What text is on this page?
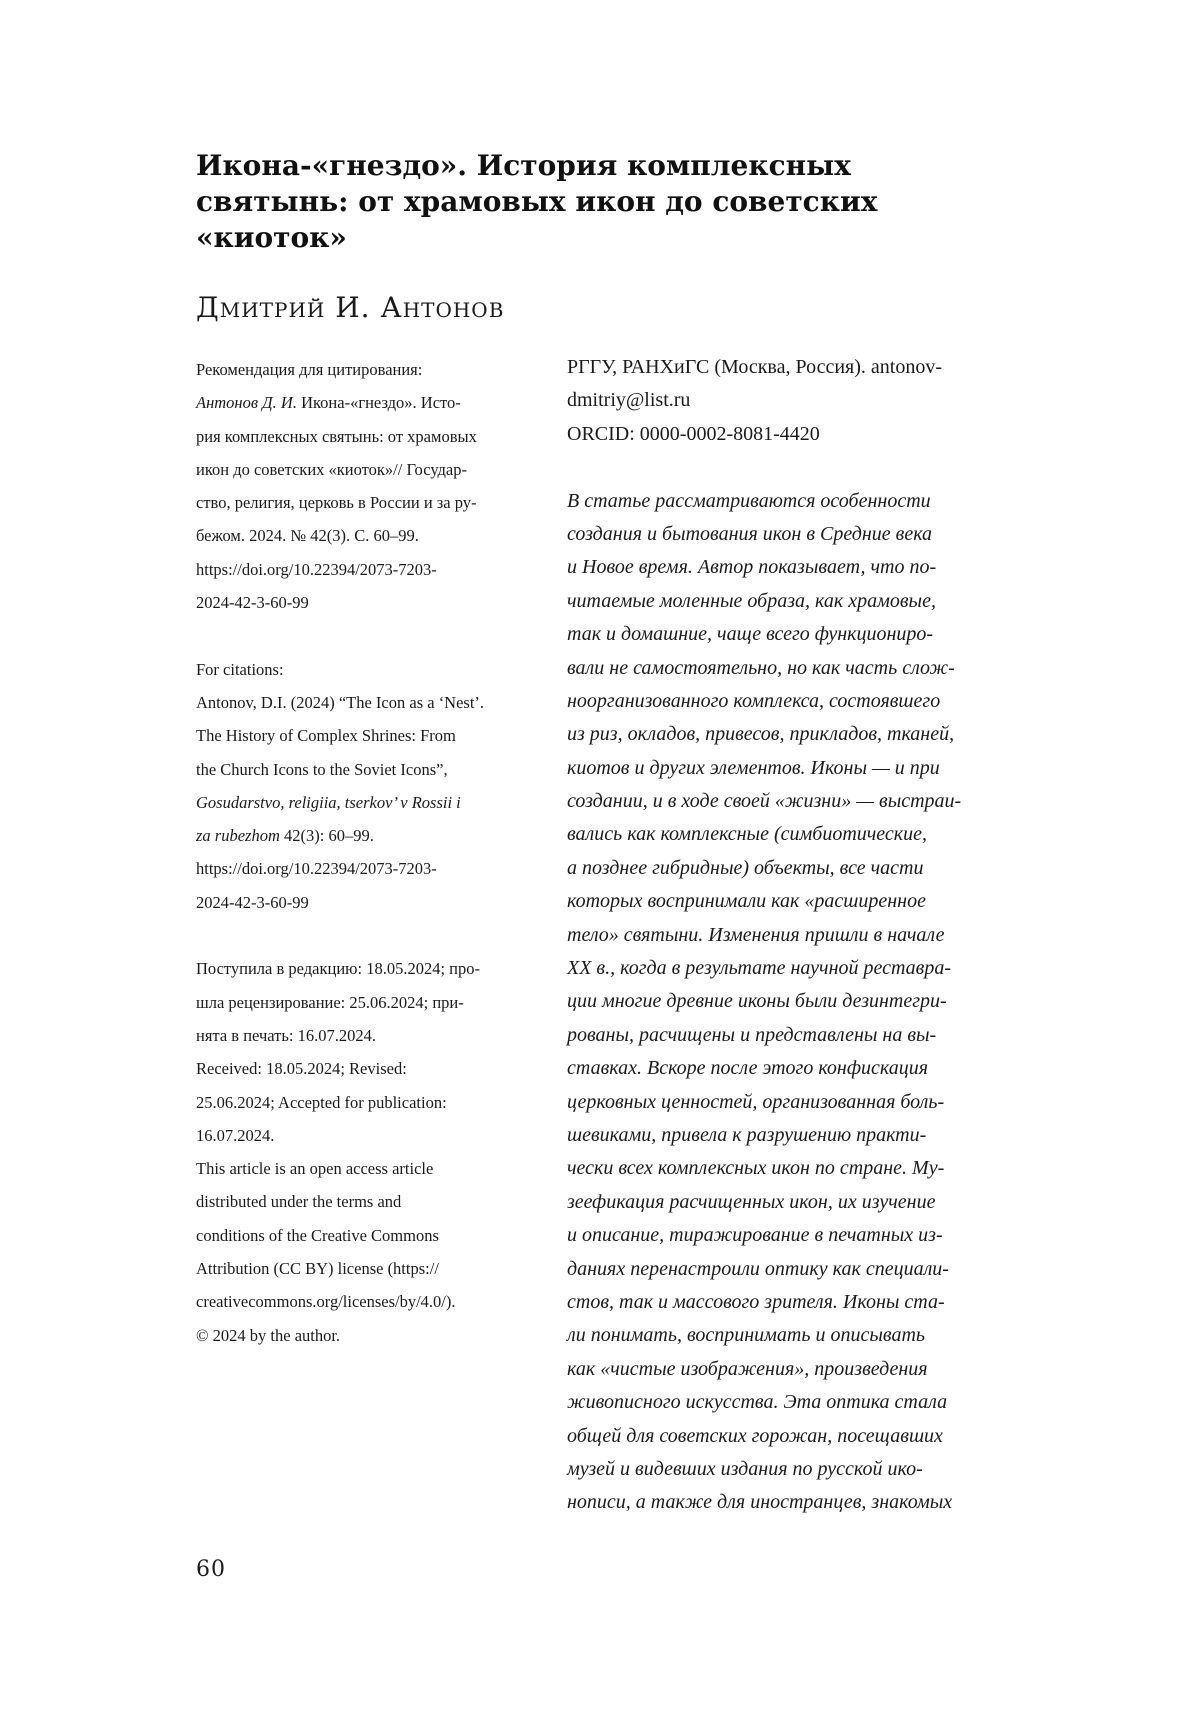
Икона-«гнездо». История комплексных
святынь: от храмовых икон до советских
«киоток»
Дмитрий И. Антонов
Рекомендация для цитирования:
Антонов Д. И. Икона-«гнездо». Исто-
рия комплексных святынь: от храмовых
икон до советских «киоток»// Государ-
ство, религия, церковь в России и за ру-
бежом. 2024. № 42(3). С. 60–99.
https://doi.org/10.22394/2073-7203-
2024-42-3-60-99
For citations:
Antonov, D.I. (2024) “The Icon as a ‘Nest’.
The History of Complex Shrines: From
the Church Icons to the Soviet Icons”,
Gosudarstvo, religiia, tserkov’ v Rossii i
za rubezhom 42(3): 60–99.
https://doi.org/10.22394/2073-7203-
2024-42-3-60-99
Поступила в редакцию: 18.05.2024; про-
шла рецензирование: 25.06.2024; при-
нята в печать: 16.07.2024.
Received: 18.05.2024; Revised:
25.06.2024; Accepted for publication:
16.07.2024.
This article is an open access article
distributed under the terms and
conditions of the Creative Commons
Attribution (CC BY) license (https://
creativecommons.org/licenses/by/4.0/).
© 2024 by the author.
РГГУ, РАНХиГС (Москва, Россия). antonov-
dmitriy@list.ru
ORCID: 0000-0002-8081-4420
В статье рассматриваются особенности
создания и бытования икон в Средние века
и Новое время. Автор показывает, что по-
читаемые моленные образа, как храмовые,
так и домашние, чаще всего функциониро-
вали не самостоятельно, но как часть слож-
ноорганизованного комплекса, состоявшего
из риз, окладов, привесов, прикладов, тканей,
киотов и других элементов. Иконы — и при
создании, и в ходе своей «жизни» — выстраи-
вались как комплексные (симбиотические,
а позднее гибридные) объекты, все части
которых воспринимали как «расширенное
тело» святыни. Изменения пришли в начале
XX в., когда в результате научной реставра-
ции многие древние иконы были дезинтегри-
рованы, расчищены и представлены на вы-
ставках. Вскоре после этого конфискация
церковных ценностей, организованная боль-
шевиками, привела к разрушению практи-
чески всех комплексных икон по стране. Му-
зеефикация расчищенных икон, их изучение
и описание, тиражирование в печатных из-
даниях перенастроили оптику как специали-
стов, так и массового зрителя. Иконы ста-
ли понимать, воспринимать и описывать
как «чистые изображения», произведения
живописного искусства. Эта оптика стала
общей для советских горожан, посещавших
музей и видевших издания по русской ико-
нописи, а также для иностранцев, знакомых

60
